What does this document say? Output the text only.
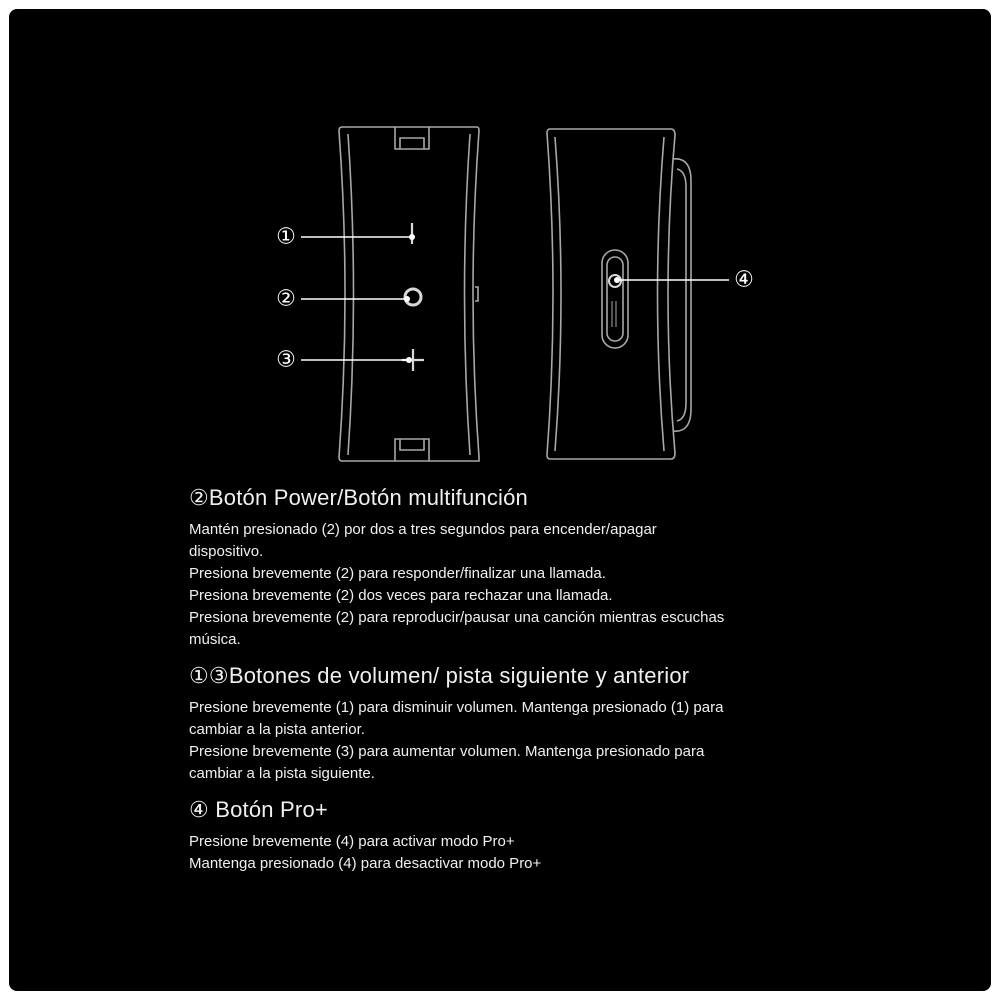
①
②
③
④
②Botón Power/Botón multifunción

Mantén presionado (2) por dos a tres segundos para encender/apagar

dispositivo.

Presiona brevemente (2) para responder/finalizar una llamada.

Presiona brevemente (2) dos veces para rechazar una llamada.

Presiona brevemente (2) para reproducir/pausar una canción mientras escuchas

música.

①③Botones de volumen/ pista siguiente y anterior

Presione brevemente (1) para disminuir volumen. Mantenga presionado (1) para

cambiar a la pista anterior.

Presione brevemente (3) para aumentar volumen. Mantenga presionado para

cambiar a la pista siguiente.

④ Botón Pro+

Presione brevemente (4) para activar modo Pro+

Mantenga presionado (4) para desactivar modo Pro+
